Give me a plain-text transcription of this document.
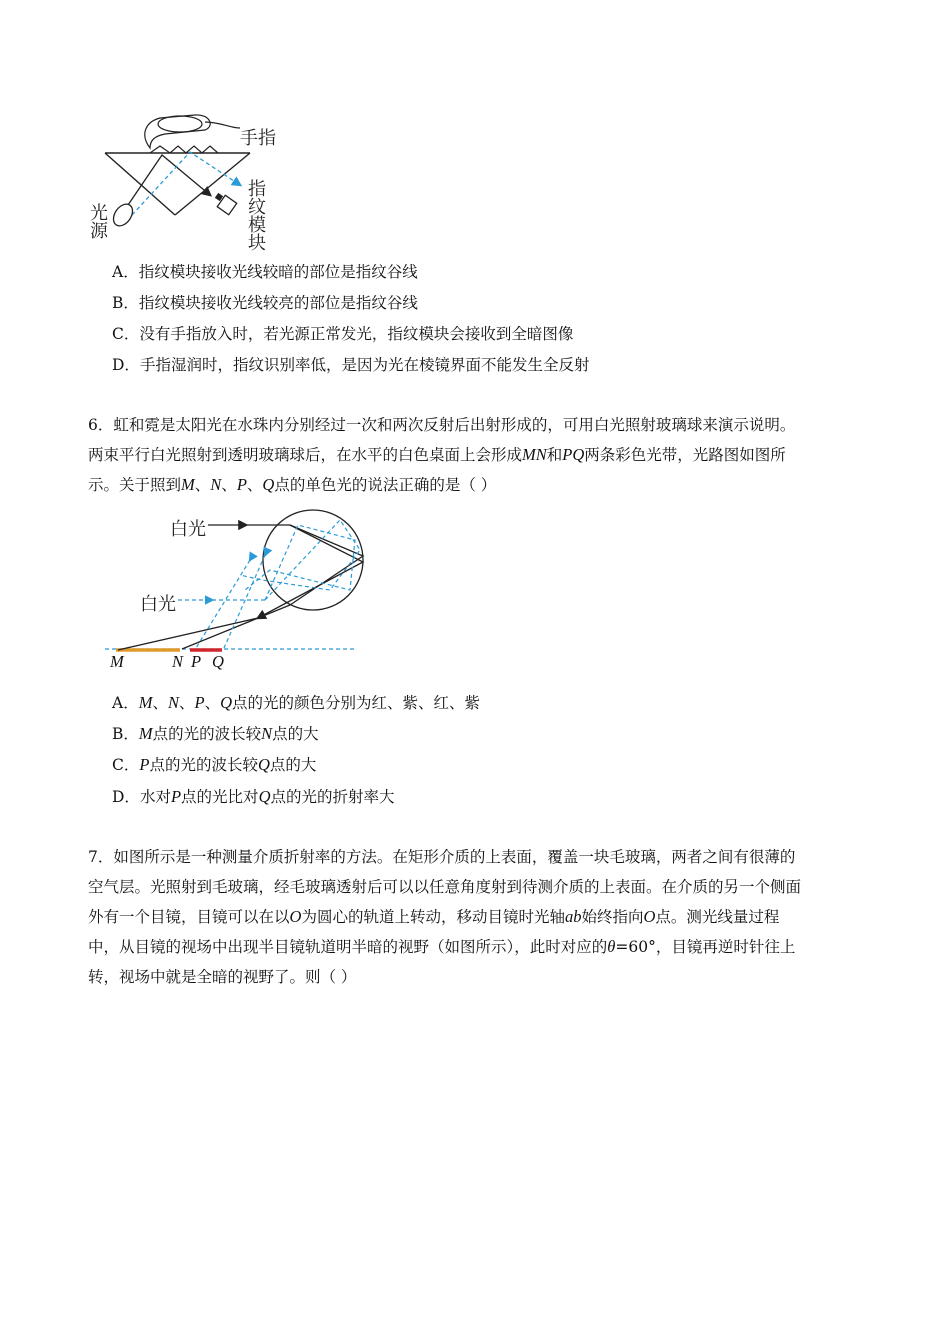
手指
指
纹
模
块
光
源
A．指纹模块接收光线较暗的部位是指纹谷线
B．指纹模块接收光线较亮的部位是指纹谷线
C．没有手指放入时，若光源正常发光，指纹模块会接收到全暗图像
D．手指湿润时，指纹识别率低，是因为光在棱镜界面不能发生全反射
6．虹和霓是太阳光在水珠内分别经过一次和两次反射后出射形成的，可用白光照射玻璃球来演示说明。
两束平行白光照射到透明玻璃球后，在水平的白色桌面上会形成MN和PQ两条彩色光带，光路图如图所
示。关于照到M、N、P、Q点的单色光的说法正确的是（ ）
白光
白光
M	N P Q
A．M、N、P、Q点的光的颜色分别为红、紫、红、紫
B．M点的光的波长较N点的大
C．P点的光的波长较Q点的大
D．水对P点的光比对Q点的光的折射率大
7．如图所示是一种测量介质折射率的方法。在矩形介质的上表面，覆盖一块毛玻璃，两者之间有很薄的
空气层。光照射到毛玻璃，经毛玻璃透射后可以以任意角度射到待测介质的上表面。在介质的另一个侧面
外有一个目镜，目镜可以在以O为圆心的轨道上转动，移动目镜时光轴ab始终指向O点。测光线量过程
中，从目镜的视场中出现半目镜轨道明半暗的视野（如图所示），此时对应的θ=60°，目镜再逆时针往上
转，视场中就是全暗的视野了。则（ ）
